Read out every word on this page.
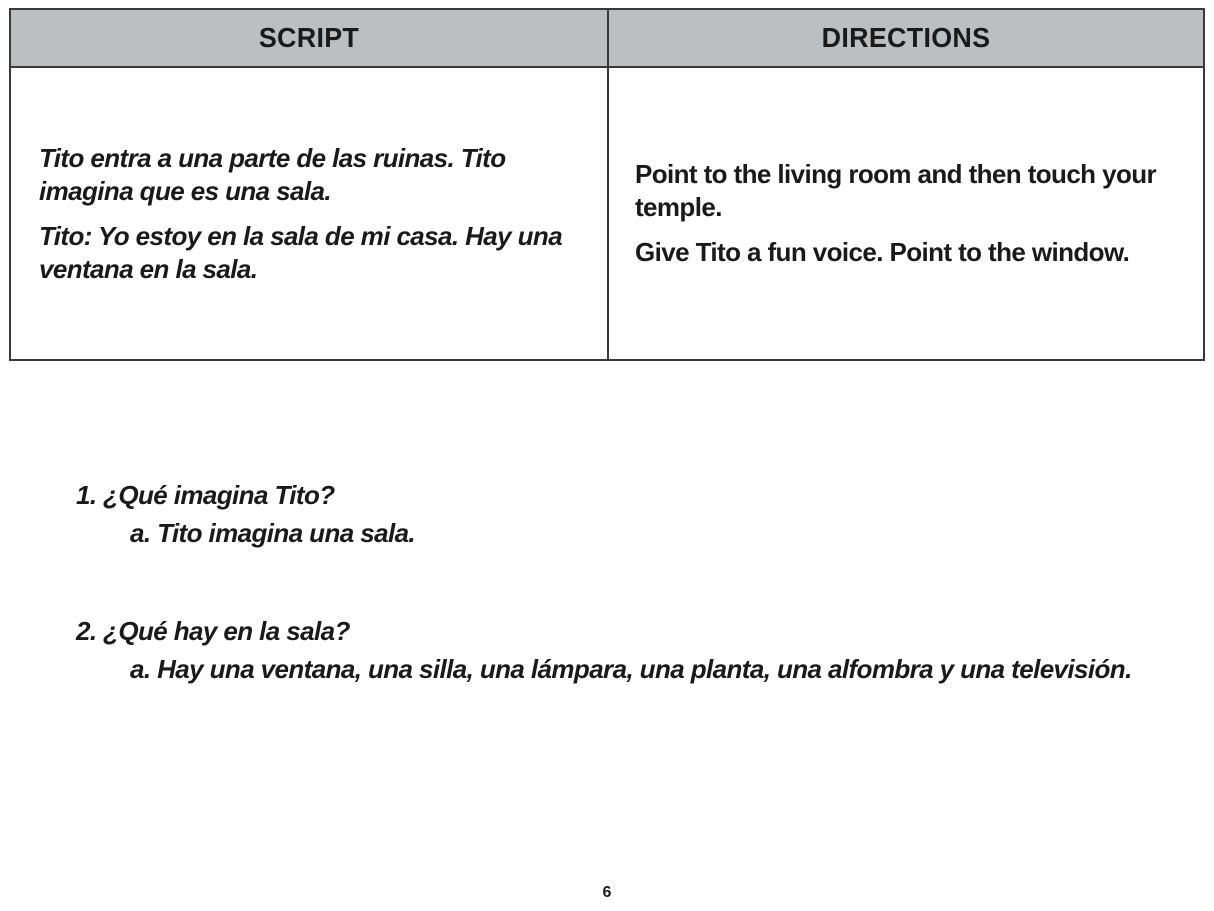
SCRIPT	DIRECTIONS

Tito entra a una parte de las ruinas. Tito imagina que es una sala.

Tito: Yo estoy en la sala de mi casa. Hay una ventana en la sala.

Point to the living room and then touch your temple.

Give Tito a fun voice. Point to the window.

1. ¿Qué imagina Tito?
a. Tito imagina una sala.
2. ¿Qué hay en la sala?
a. Hay una ventana, una silla, una lámpara, una planta, una alfombra y una televisión.
6
